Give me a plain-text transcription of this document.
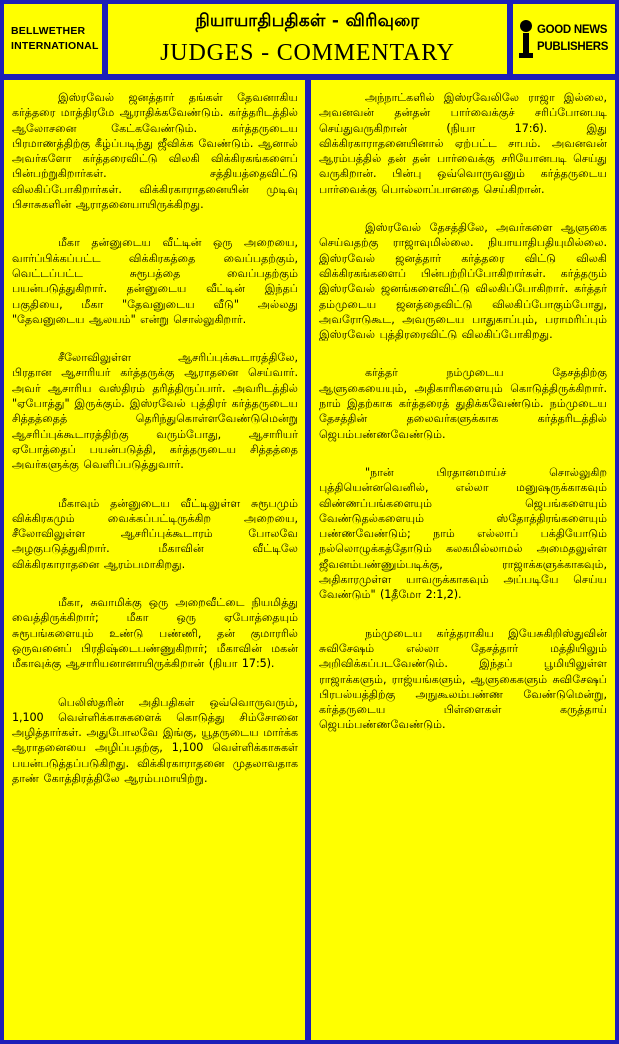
BELLWETHER
INTERNATIONAL
நியாயாதிபதிகள் - விரிவுரை
JUDGES - COMMENTARY
GOOD NEWS
PUBLISHERS

இஸ்ரவேல் ஜனத்தார் தங்கள் தேவனாகிய கர்த்தரை மாத்திரமே ஆராதிக்கவேண்டும். கர்த்தரிடத்தில் ஆலோசனை கேட்கவேண்டும். கர்த்தருடைய பிரமாணத்திற்கு கீழ்ப்படிந்து ஜீவிக்க வேண்டும். ஆனால் அவர்களோ கர்த்தரைவிட்டு விலகி விக்கிரகங்களைப் பின்பற்றுகிறார்கள். சத்தியத்தைவிட்டு விலகிப்போகிறார்கள். விக்கிரகாராதனையின் முடிவு பிசாசுகளின் ஆராதனையாயிருக்கிறது.

மீகா தன்னுடைய வீட்டின் ஒரு அறையை, வார்ப்பிக்கப்பட்ட விக்கிரகத்தை வைப்பதற்கும், வெட்டப்பட்ட சுரூபத்தை வைப்பதற்கும் பயன்படுத்துகிறார். தன்னுடைய வீட்டின் இந்தப் பகுதியை, மீகா "தேவனுடைய வீடு" அல்லது "தேவனுடைய ஆலயம்" என்று சொல்லுகிறார்.

சீலோவிலுள்ள ஆசரிப்புக்கூடாரத்திலே, பிரதான ஆசாரியர் கர்த்தருக்கு ஆராதனை செய்வார். அவர் ஆசாரிய வஸ்திரம் தரித்திருப்பார். அவரிடத்தில் "ஏபோத்து" இருக்கும். இஸ்ரவேல் புத்திரர் கர்த்தருடைய சித்தத்தைத் தெரிந்துகொள்ளவேண்டுமென்று ஆசரிப்புக்கூடாரத்திற்கு வரும்போது, ஆசாரியர் ஏபோத்தைப் பயன்படுத்தி, கர்த்தருடைய சித்தத்தை அவர்களுக்கு வெளிப்படுத்துவார்.

மீகாவும் தன்னுடைய வீட்டிலுள்ள சுரூபமும் விக்கிரகமும் வைக்கப்பட்டிருக்கிற அறையை, சீலோவிலுள்ள ஆசரிப்புக்கூடாரம் போலவே அழகுபடுத்துகிறார். மீகாவின் வீட்டிலே விக்கிரகாராதனை ஆரம்பமாகிறது.

மீகா, சுவாமிக்கு ஒரு அறைவீட்டை நியமித்து வைத்திருக்கிறார்; மீகா ஒரு ஏபோத்தையும் சுரூபங்களையும் உண்டு பண்ணி, தன் குமாரரில் ஒருவனைப் பிரதிஷ்டைபண்ணுகிறார்; மீகாவின் மகன் மீகாவுக்கு ஆசாரியனானாயிருக்கிறான் (நியா 17:5).

பெலிஸ்தரின் அதிபதிகள் ஒவ்வொருவரும், 1,100 வெள்ளிக்காசுகளைக் கொடுத்து சிம்சோனை அழித்தார்கள். அதுபோலவே இங்கு, யூதருடைய மார்க்க ஆராதனையை அழிப்பதற்கு, 1,100 வெள்ளிக்காசுகள் பயன்படுத்தப்படுகிறது. விக்கிரகாராதனை முதலாவதாக தாண் கோத்திரத்திலே ஆரம்பமாயிற்று.

அந்நாட்களில் இஸ்ரவேலிலே ராஜா இல்லை, அவனவன் தன்தன் பார்வைக்குச் சரிப்போனபடி செய்துவருகிறான் (நியா 17:6). இது விக்கிரகாராதனையினால் ஏற்பட்ட சாபம். அவனவன் ஆரம்பத்தில் தன் தன் பார்வைக்கு சரியோனபடி செய்து வருகிறான். பின்பு ஒவ்வொருவனும் கர்த்தருடைய பார்வைக்கு பொல்லாப்பானதை செய்கிறான்.

இஸ்ரவேல் தேசத்திலே, அவர்களை ஆளுகை செய்வதற்கு ராஜாவுமில்லை. நியாயாதிபதியுமில்லை. இஸ்ரவேல் ஜனத்தார் கர்த்தரை விட்டு விலகி விக்கிரகங்களைப் பின்பற்றிப்போகிறார்கள். கர்த்தரும் இஸ்ரவேல் ஜனங்களைவிட்டு விலகிப்போகிறார். கர்த்தர் தம்முடைய ஜனத்தைவிட்டு விலகிப்போகும்போது, அவரோடுகூட, அவருடைய பாதுகாப்பும், பராமரிப்பும் இஸ்ரவேல் புத்திரரைவிட்டு விலகிப்போகிறது.

கர்த்தர் நம்முடைய தேசத்திற்கு ஆளுகையையும், அதிகாரிகளையும் கொடுத்திருக்கிறார். நாம் இதற்காக கர்த்தரைத் துதிக்கவேண்டும். நம்முடைய தேசத்தின் தலைவர்களுக்காக கர்த்தரிடத்தில் ஜெபம்பண்ணவேண்டும்.

"நான் பிரதானமாய்ச் சொல்லுகிற புத்தியென்னவெனில், எல்லா மனுஷருக்காகவும் விண்ணப்பங்களையும் ஜெபங்களையும் வேண்டுதல்களையும் ஸ்தோத்திரங்களையும் பண்ணவேண்டும்; நாம் எல்லாப் பக்தியோடும் நல்லொழுக்கத்தோடும் கலகமில்லாமல் அமைதலுள்ள ஜீவனம்பண்ணும்படிக்கு, ராஜாக்களுக்காகவும், அதிகாரமுள்ள யாவருக்காகவும் அப்படியே செய்ய வேண்டும்" (1தீமோ 2:1,2).

நம்முடைய கர்த்தராகிய இயேசுகிறிஸ்துவின் சுவிசேஷம் எல்லா தேசத்தார் மத்தியிலும் அறிவிக்கப்படவேண்டும். இந்தப் பூமியிலுள்ள ராஜாக்களும், ராஜ்யங்களும், ஆளுகைகளும் சுவிசேஷப் பிரபல்யத்திற்கு அநுகூலம்பண்ண வேண்டுமென்று, கர்த்தருடைய பிள்ளைகள் கருத்தாய் ஜெபம்பண்ணவேண்டும்.
